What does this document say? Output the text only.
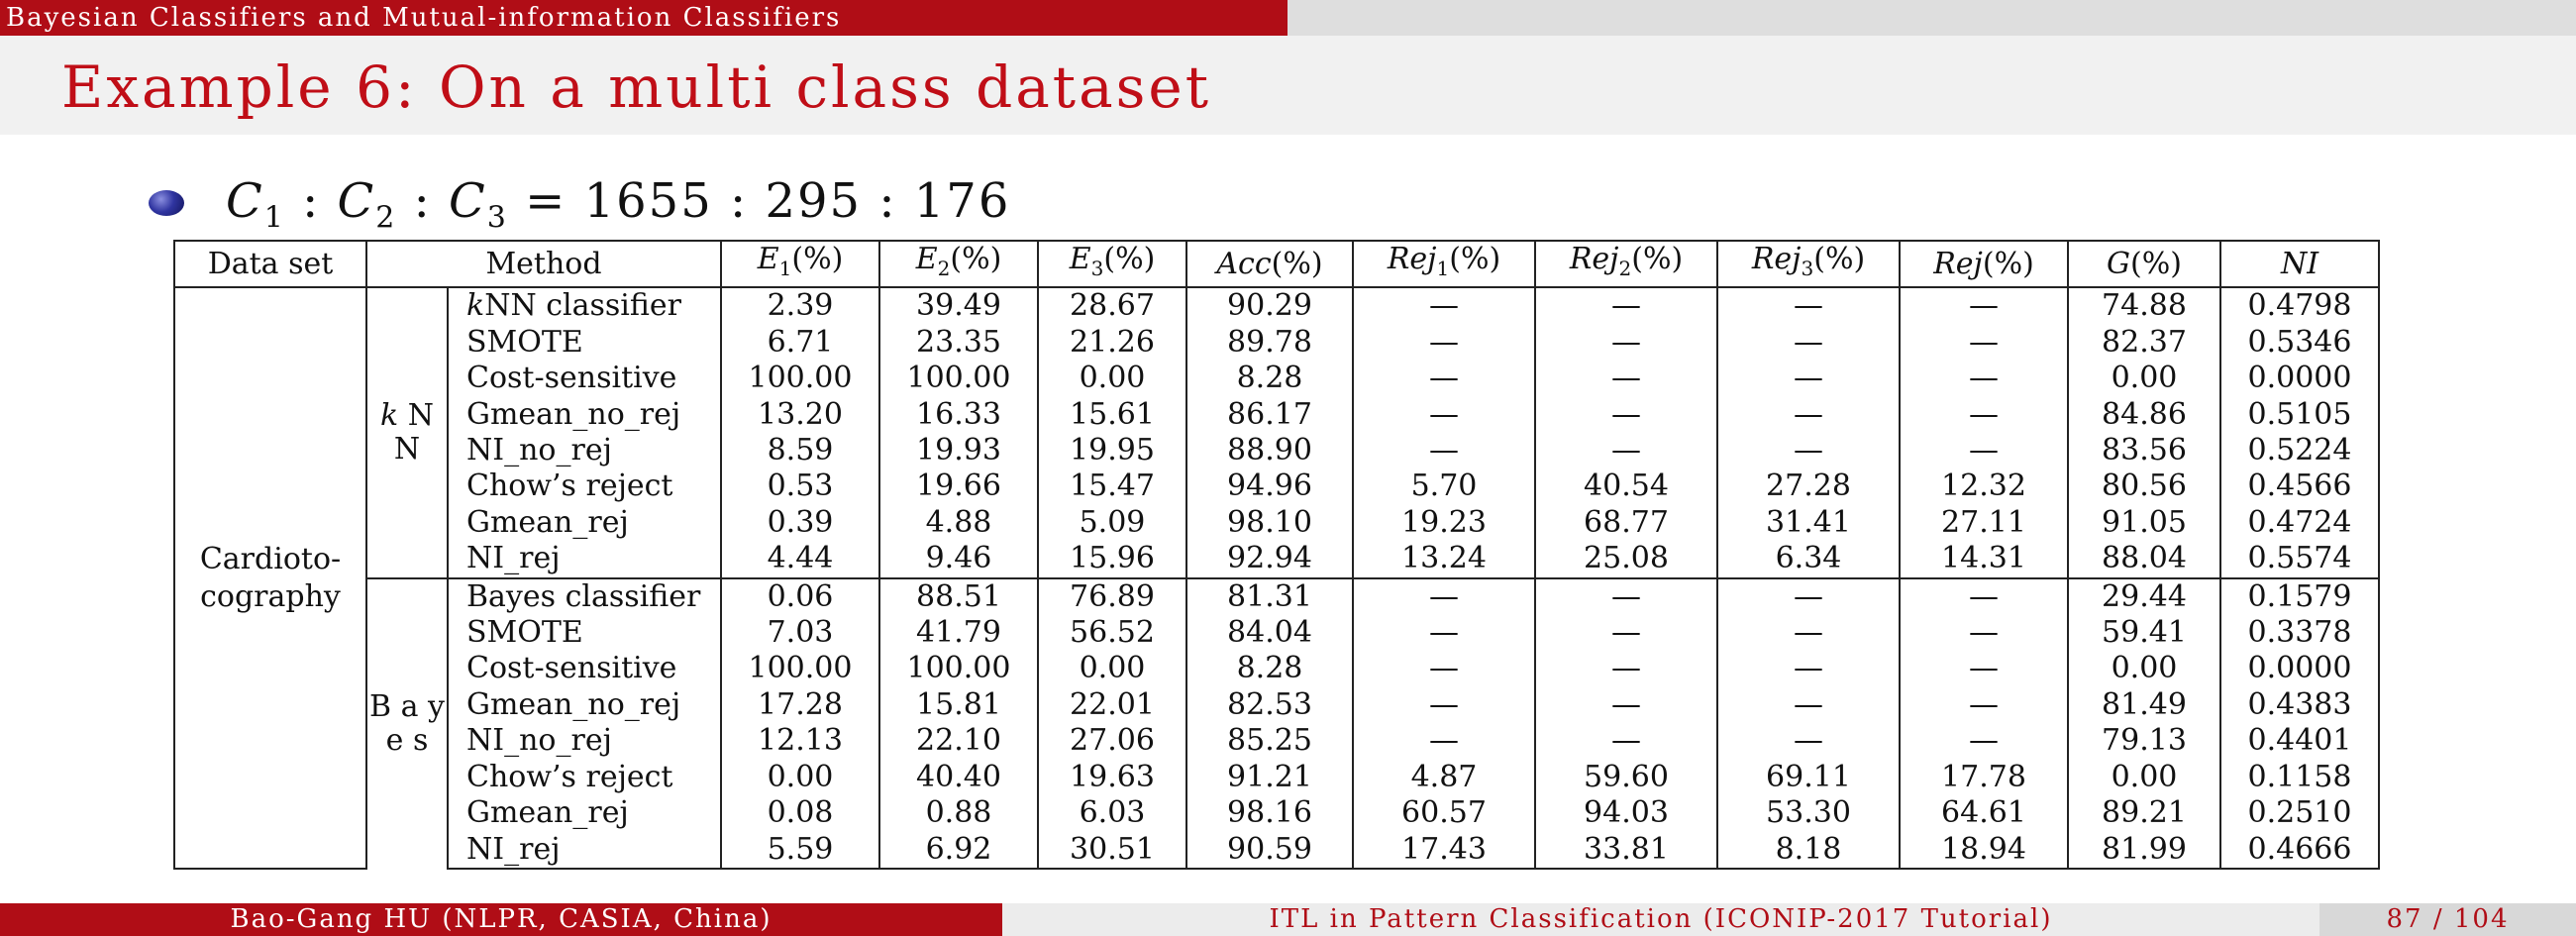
Bayesian Classifiers and Mutual-information Classifiers
Example 6: On a multi class dataset
$C_1$ : $C_2$ : $C_3 = 1655$ : 295 : 176
Data set	Method		$E_1(\%)$	$E_2(\%)$	$E_3(\%)$	Acc(%)	Rej$_1$(%)	Rej$_2$(%)	Rej$_3$(%)	Rej(%)	G(%)	NI
Cardioto- cography	k N N	kNN classifier	2.39	39.49	28.67	90.29	—	—	—	—	74.88	0.4798
		SMOTE	6.71	23.35	21.26	89.78	—	—	—	—	82.37	0.5346
		Cost-sensitive	100.00	100.00	0.00	8.28	—	—	—	—	0.00	0.0000
		Gmean_no_rej	13.20	16.33	15.61	86.17	—	—	—	—	84.86	0.5105
		NI_no_rej	8.59	19.93	19.95	88.90	—	—	—	—	83.56	0.5224
		Chow’s reject	0.53	19.66	15.47	94.96	5.70	40.54	27.28	12.32	80.56	0.4566
		Gmean_rej	0.39	4.88	5.09	98.10	19.23	68.77	31.41	27.11	91.05	0.4724
		NI_rej	4.44	9.46	15.96	92.94	13.24	25.08	6.34	14.31	88.04	0.5574
	B a y e s	Bayes classifier	0.06	88.51	76.89	81.31	—	—	—	—	29.44	0.1579
		SMOTE	7.03	41.79	56.52	84.04	—	—	—	—	59.41	0.3378
		Cost-sensitive	100.00	100.00	0.00	8.28	—	—	—	—	0.00	0.0000
		Gmean_no_rej	17.28	15.81	22.01	82.53	—	—	—	—	81.49	0.4383
		NI_no_rej	12.13	22.10	27.06	85.25	—	—	—	—	79.13	0.4401
		Chow’s reject	0.00	40.40	19.63	91.21	4.87	59.60	69.11	17.78	0.00	0.1158
		Gmean_rej	0.08	0.88	6.03	98.16	60.57	94.03	53.30	64.61	89.21	0.2510
		NI_rej	5.59	6.92	30.51	90.59	17.43	33.81	8.18	18.94	81.99	0.4666
Bao-Gang HU (NLPR, CASIA, China)	ITL in Pattern Classification (ICONIP-2017 Tutorial)	87 / 104
